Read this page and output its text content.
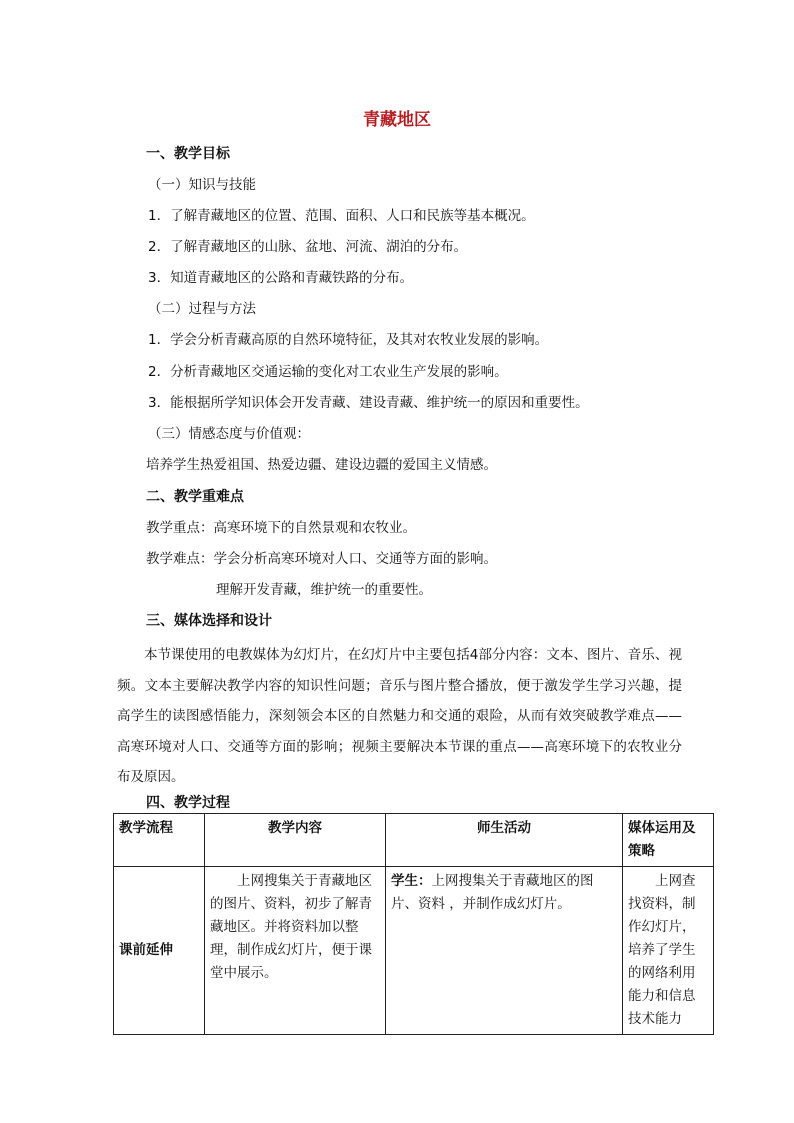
青藏地区
一、教学目标
（一）知识与技能
1．了解青藏地区的位置、范围、面积、人口和民族等基本概况。
2．了解青藏地区的山脉、盆地、河流、湖泊的分布。
3．知道青藏地区的公路和青藏铁路的分布。
（二）过程与方法
1．学会分析青藏高原的自然环境特征，及其对农牧业发展的影响。
2．分析青藏地区交通运输的变化对工农业生产发展的影响。
3．能根据所学知识体会开发青藏、建设青藏、维护统一的原因和重要性。
（三）情感态度与价值观：
培养学生热爱祖国、热爱边疆、建设边疆的爱国主义情感。
二、教学重难点
教学重点：高寒环境下的自然景观和农牧业。
教学难点：学会分析高寒环境对人口、交通等方面的影响。
理解开发青藏，维护统一的重要性。
三、媒体选择和设计
本节课使用的电教媒体为幻灯片，在幻灯片中主要包括4部分内容：文本、图片、音乐、视频。文本主要解决教学内容的知识性问题；音乐与图片整合播放，便于激发学生学习兴趣，提高学生的读图感悟能力，深刻领会本区的自然魅力和交通的艰险，从而有效突破教学难点——高寒环境对人口、交通等方面的影响；视频主要解决本节课的重点——高寒环境下的农牧业分布及原因。
四、教学过程
教学流程	教学内容	师生活动	媒体运用及策略
课前延伸	上网搜集关于青藏地区的图片、资料，初步了解青藏地区。并将资料加以整理，制作成幻灯片，便于课堂中展示。	学生：上网搜集关于青藏地区的图片、资料 ，并制作成幻灯片。	上网查找资料，制作幻灯片，培养了学生的网络利用能力和信息技术能力
